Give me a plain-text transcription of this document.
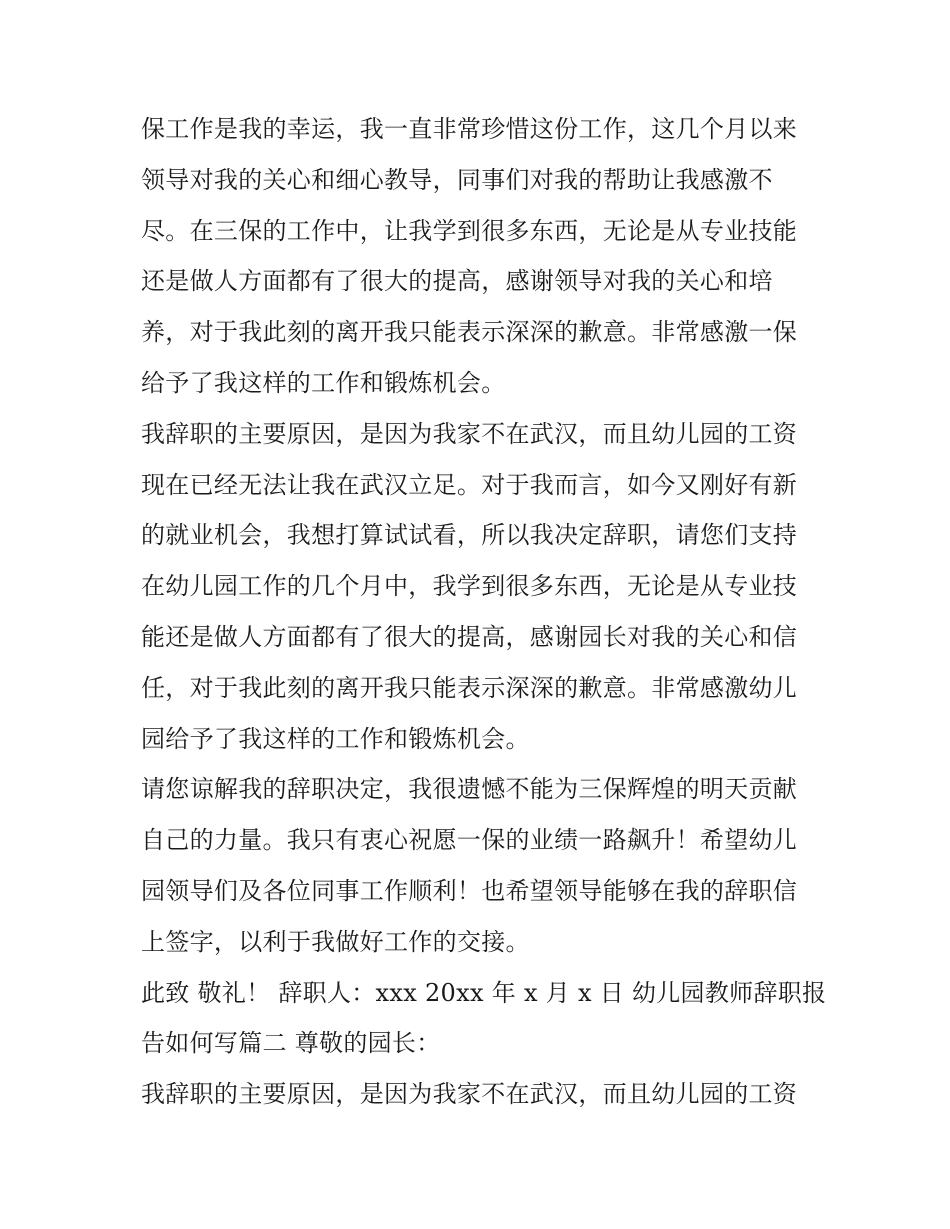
保工作是我的幸运，我一直非常珍惜这份工作，这几个月以来
领导对我的关心和细心教导，同事们对我的帮助让我感激不
尽。在三保的工作中，让我学到很多东西，无论是从专业技能
还是做人方面都有了很大的提高，感谢领导对我的关心和培
养，对于我此刻的离开我只能表示深深的歉意。非常感激一保
给予了我这样的工作和锻炼机会。
我辞职的主要原因，是因为我家不在武汉，而且幼儿园的工资
现在已经无法让我在武汉立足。对于我而言，如今又刚好有新
的就业机会，我想打算试试看，所以我决定辞职，请您们支持
在幼儿园工作的几个月中，我学到很多东西，无论是从专业技
能还是做人方面都有了很大的提高，感谢园长对我的关心和信
任，对于我此刻的离开我只能表示深深的歉意。非常感激幼儿
园给予了我这样的工作和锻炼机会。
请您谅解我的辞职决定，我很遗憾不能为三保辉煌的明天贡献
自己的力量。我只有衷心祝愿一保的业绩一路飙升！希望幼儿
园领导们及各位同事工作顺利！也希望领导能够在我的辞职信
上签字，以利于我做好工作的交接。
此致 敬礼！ 辞职人：xxx 20xx 年 x 月 x 日 幼儿园教师辞职报
告如何写篇二 尊敬的园长：
我辞职的主要原因，是因为我家不在武汉，而且幼儿园的工资
